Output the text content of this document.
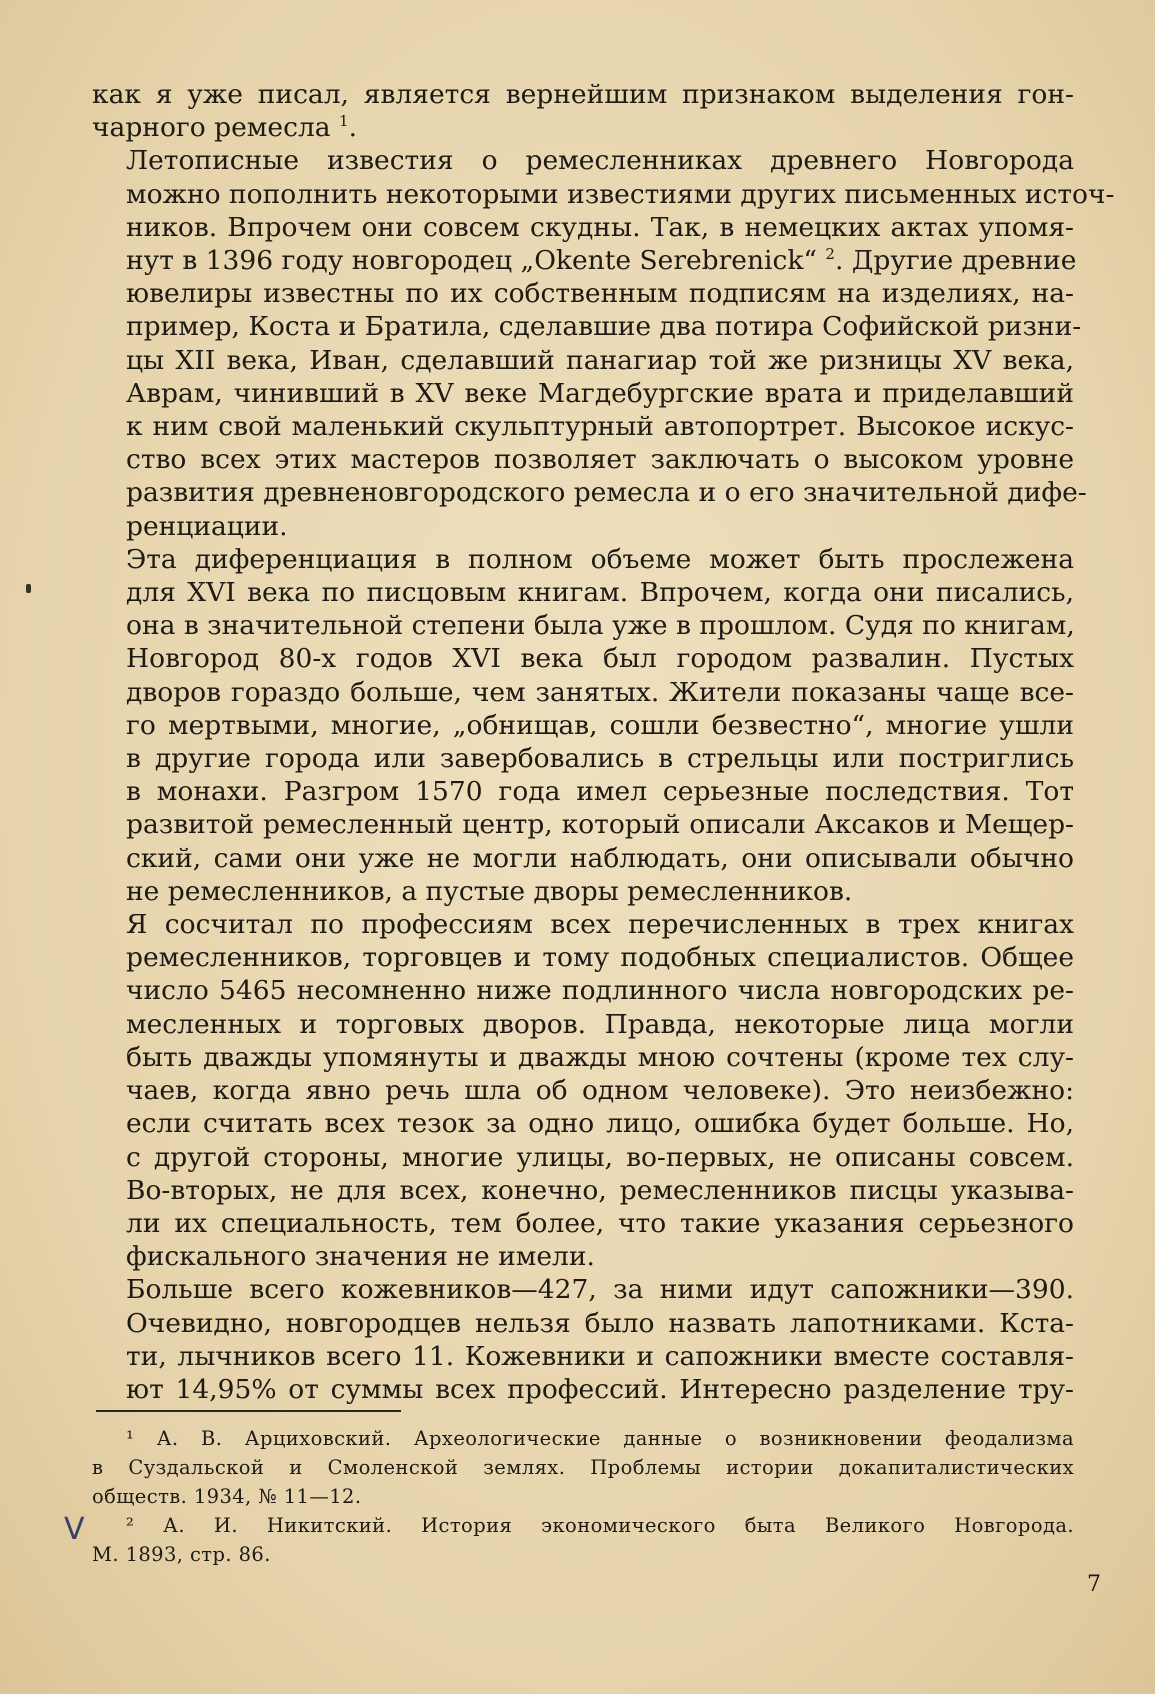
как я уже писал, является вернейшим признаком выделения гон-
чарного ремесла $^1$.

Летописные известия о ремесленниках древнего Новгорода
можно пополнить некоторыми известиями других письменных источ-
ников. Впрочем они совсем скудны. Так, в немецких актах упомя-
нут в 1396 году новгородец „Okente Serebrenick“ $^2$. Другие древние
ювелиры известны по их собственным подписям на изделиях, на-
пример, Коста и Братила, сделавшие два потира Софийской ризни-
цы XII века, Иван, сделавший панагиар той же ризницы XV века,
Аврам, чинивший в XV веке Магдебургские врата и приделавший
к ним свой маленький скульптурный автопортрет. Высокое искус-
ство всех этих мастеров позволяет заключать о высоком уровне
развития древненовгородского ремесла и о его значительной дифе-
ренциации.

Эта диференциация в полном объеме может быть прослежена
для XVI века по писцовым книгам. Впрочем, когда они писались,
она в значительной степени была уже в прошлом. Судя по книгам,
Новгород 80-х годов XVI века был городом развалин. Пустых
дворов гораздо больше, чем занятых. Жители показаны чаще все-
го мертвыми, многие, „обнищав, сошли безвестно“, многие ушли
в другие города или завербовались в стрельцы или постриглись
в монахи. Разгром 1570 года имел серьезные последствия. Тот
развитой ремесленный центр, который описали Аксаков и Мещер-
ский, сами они уже не могли наблюдать, они описывали обычно
не ремесленников, а пустые дворы ремесленников.

Я сосчитал по профессиям всех перечисленных в трех книгах
ремесленников, торговцев и тому подобных специалистов. Общее
число 5465 несомненно ниже подлинного числа новгородских ре-
месленных и торговых дворов. Правда, некоторые лица могли
быть дважды упомянуты и дважды мною сочтены (кроме тех слу-
чаев, когда явно речь шла об одном человеке). Это неизбежно:
если считать всех тезок за одно лицо, ошибка будет больше. Но,
с другой стороны, многие улицы, во-первых, не описаны совсем.
Во-вторых, не для всех, конечно, ремесленников писцы указыва-
ли их специальность, тем более, что такие указания серьезного
фискального значения не имели.

Больше всего кожевников—427, за ними идут сапожники—390.
Очевидно, новгородцев нельзя было назвать лапотниками. Кста-
ти, лычников всего 11. Кожевники и сапожники вместе составля-
ют 14,95% от суммы всех профессий. Интересно разделение тру-

¹ А. В. Арциховский. Археологические данные о возникновении феодализма
в Суздальской и Смоленской землях. Проблемы истории докапиталистических
обществ. 1934, № 11—12.
² А. И. Никитский. История экономического быта Великого Новгорода.
М. 1893, стр. 86.
V
7
